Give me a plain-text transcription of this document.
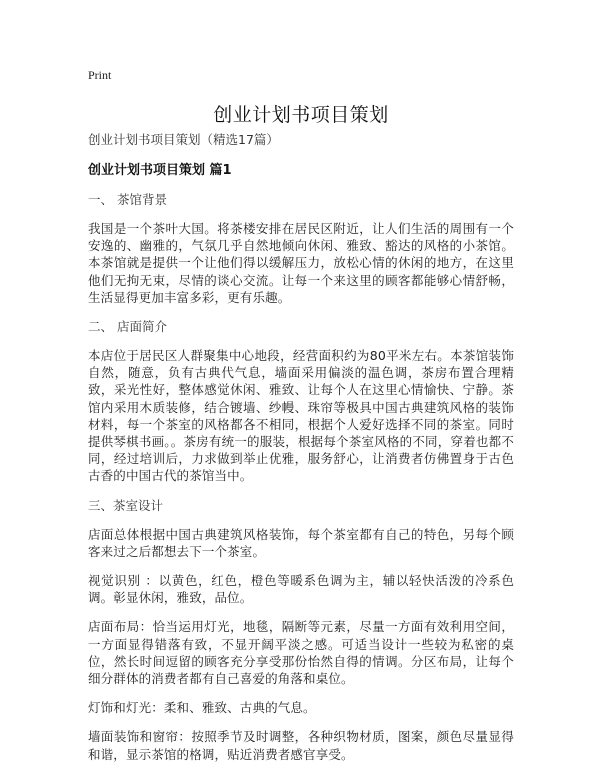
Print
创业计划书项目策划
创业计划书项目策划（精选17篇）
创业计划书项目策划 篇1
一、 茶馆背景
我国是一个茶叶大国。将茶楼安排在居民区附近，让人们生活的周围有一个安逸的、幽雅的，气氛几乎自然地倾向休闲、雅致、豁达的风格的小茶馆。本茶馆就是提供一个让他们得以缓解压力，放松心情的休闲的地方，在这里他们无拘无束，尽情的谈心交流。让每一个来这里的顾客都能够心情舒畅，生活显得更加丰富多彩，更有乐趣。
二、 店面简介
本店位于居民区人群聚集中心地段，经营面积约为80平米左右。本茶馆装饰自然，随意，负有古典代气息，墙面采用偏淡的温色调，茶房布置合理精致，采光性好，整体感觉休闲、雅致、让每个人在这里心情愉快、宁静。茶馆内采用木质装修，结合镀墙、纱幔、珠帘等极具中国古典建筑风格的装饰材料，每一个茶室的风格都各不相同，根据个人爱好选择不同的茶室。同时提供琴棋书画。。茶房有统一的服装，根据每个茶室风格的不同，穿着也都不同，经过培训后，力求做到举止优雅，服务舒心，让消费者仿佛置身于古色古香的中国古代的茶馆当中。
三、茶室设计
店面总体根据中国古典建筑风格装饰，每个茶室都有自己的特色，另每个顾客来过之后都想去下一个茶室。
视觉识别 ：以黄色，红色，橙色等暖系色调为主，辅以轻快活泼的冷系色调。彰显休闲，雅致，品位。
店面布局：恰当运用灯光，地毯，隔断等元素，尽量一方面有效利用空间，一方面显得错落有致，不显开阔平淡之感。可适当设计一些较为私密的桌位，然长时间逗留的顾客充分享受那份怡然自得的情调。分区布局，让每个细分群体的消费者都有自己喜爱的角落和桌位。
灯饰和灯光：柔和、雅致、古典的气息。
墙面装饰和窗帘：按照季节及时调整，各种织物材质，图案，颜色尽量显得和谐，显示茶馆的格调，贴近消费者感官享受。
